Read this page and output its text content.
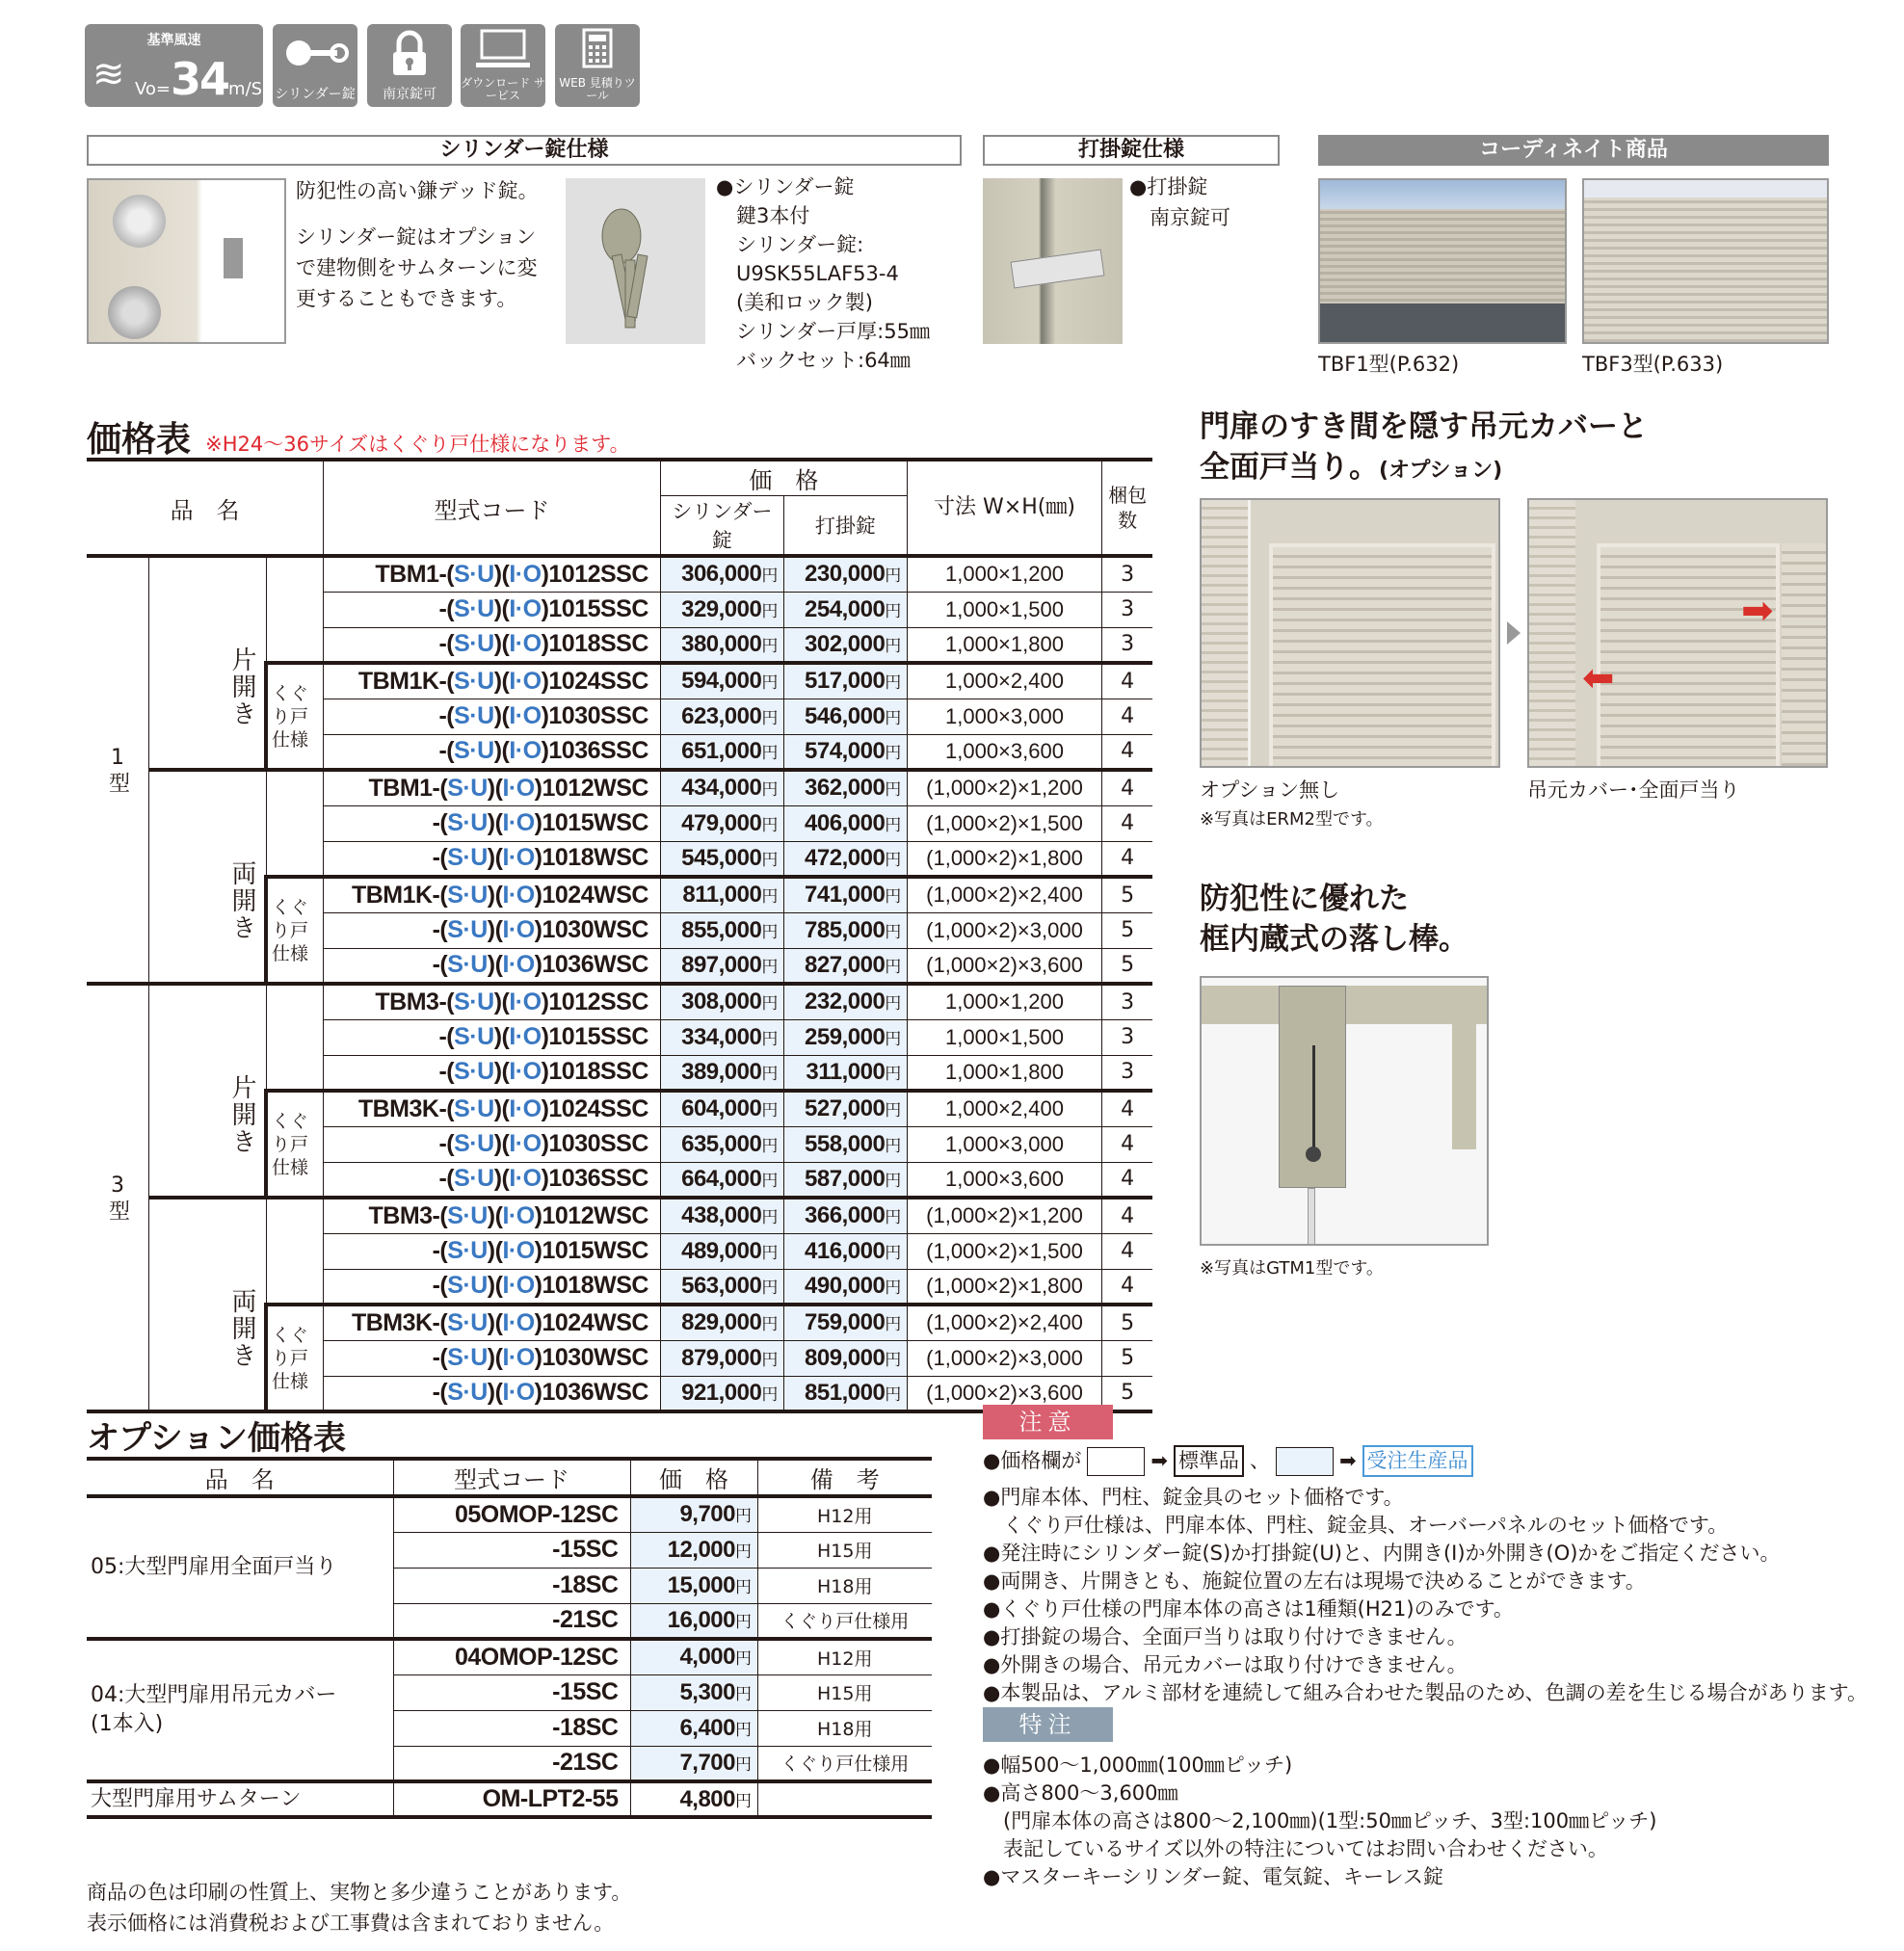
基準風速
≋ Vo=34m/S シリンダー錠	南京錠可
ダウンロード サービス
WEB 見積りツール
シリンダー錠仕様
防犯性の高い鎌デッド錠。
シリンダー錠はオプションで建物側をサムターンに変更することもできます。
●シリンダー錠
　鍵3本付
　シリンダー錠:
　U9SK55LAF53-4
　(美和ロック製)
　シリンダー戸厚:55㎜
　バックセット:64㎜
打掛錠仕様
●打掛錠
　南京錠可
コーディネイト商品
TBF1型(P.632)	TBF3型(P.633)
価格表 ※H24～36サイズはくぐり戸仕様になります。
品　名			型式コード	価　格		寸法 W×H(㎜)	梱包 数
				シリンダー錠	打掛錠		
1型	片開き		TBM1-(S·U)(I·O)1012SSC	306,000円	230,000円	1,000×1,200	3
			-(S·U)(I·O)1015SSC	329,000円	254,000円	1,000×1,500	3
			-(S·U)(I·O)1018SSC	380,000円	302,000円	1,000×1,800	3
		くぐり戸
仕様	TBM1K-(S·U)(I·O)1024SSC	594,000円	517,000円	1,000×2,400	4
			-(S·U)(I·O)1030SSC	623,000円	546,000円	1,000×3,000	4
			-(S·U)(I·O)1036SSC	651,000円	574,000円	1,000×3,600	4
	両開き		TBM1-(S·U)(I·O)1012WSC	434,000円	362,000円	(1,000×2)×1,200	4
			-(S·U)(I·O)1015WSC	479,000円	406,000円	(1,000×2)×1,500	4
			-(S·U)(I·O)1018WSC	545,000円	472,000円	(1,000×2)×1,800	4
		くぐり戸
仕様	TBM1K-(S·U)(I·O)1024WSC	811,000円	741,000円	(1,000×2)×2,400	5
			-(S·U)(I·O)1030WSC	855,000円	785,000円	(1,000×2)×3,000	5
			-(S·U)(I·O)1036WSC	897,000円	827,000円	(1,000×2)×3,600	5
3型	片開き		TBM3-(S·U)(I·O)1012SSC	308,000円	232,000円	1,000×1,200	3
			-(S·U)(I·O)1015SSC	334,000円	259,000円	1,000×1,500	3
			-(S·U)(I·O)1018SSC	389,000円	311,000円	1,000×1,800	3
		くぐり戸
仕様	TBM3K-(S·U)(I·O)1024SSC	604,000円	527,000円	1,000×2,400	4
			-(S·U)(I·O)1030SSC	635,000円	558,000円	1,000×3,000	4
			-(S·U)(I·O)1036SSC	664,000円	587,000円	1,000×3,600	4
	両開き		TBM3-(S·U)(I·O)1012WSC	438,000円	366,000円	(1,000×2)×1,200	4
			-(S·U)(I·O)1015WSC	489,000円	416,000円	(1,000×2)×1,500	4
			-(S·U)(I·O)1018WSC	563,000円	490,000円	(1,000×2)×1,800	4
		くぐり戸
仕様	TBM3K-(S·U)(I·O)1024WSC	829,000円	759,000円	(1,000×2)×2,400	5
			-(S·U)(I·O)1030WSC	879,000円	809,000円	(1,000×2)×3,000	5
			-(S·U)(I·O)1036WSC	921,000円	851,000円	(1,000×2)×3,600	5
オプション価格表
品　名	型式コード	価　格	備　考
05:大型門扉用全面戸当り	05OMOP-12SC	9,700円	H12用
	-15SC	12,000円	H15用
	-18SC	15,000円	H18用
	-21SC	16,000円	くぐり戸仕様用
04:大型門扉用吊元カバー
(1本入)	04OMOP-12SC	4,000円	H12用
	-15SC	5,300円	H15用
	-18SC	6,400円	H18用
	-21SC	7,700円	くぐり戸仕様用
大型門扉用サムターン	OM-LPT2-55	4,800円	
商品の色は印刷の性質上、実物と多少違うことがあります。
表示価格には消費税および工事費は含まれておりません。
門扉のすき間を隠す吊元カバーと
全面戸当り。(オプション)
➡
⬅
オプション無し
※写真はERM2型です。
吊元カバー･全面戸当り
防犯性に優れた
框内蔵式の落し棒。
※写真はGTM1型です。
注意
●価格欄が	➡ 標準品 、	➡ 受注生産品
●門扉本体、門柱、錠金具のセット価格です。
　くぐり戸仕様は、門扉本体、門柱、錠金具、オーバーパネルのセット価格です。
●発注時にシリンダー錠(S)か打掛錠(U)と、内開き(I)か外開き(O)かをご指定ください。
●両開き、片開きとも、施錠位置の左右は現場で決めることができます。
●くぐり戸仕様の門扉本体の高さは1種類(H21)のみです。
●打掛錠の場合、全面戸当りは取り付けできません。
●外開きの場合、吊元カバーは取り付けできません。
●本製品は、アルミ部材を連続して組み合わせた製品のため、色調の差を生じる場合があります。
特注
●幅500～1,000㎜(100㎜ピッチ)
●高さ800～3,600㎜
　(門扉本体の高さは800～2,100㎜)(1型:50㎜ピッチ、3型:100㎜ピッチ)
　表記しているサイズ以外の特注についてはお問い合わせください。
●マスターキーシリンダー錠、電気錠、キーレス錠
